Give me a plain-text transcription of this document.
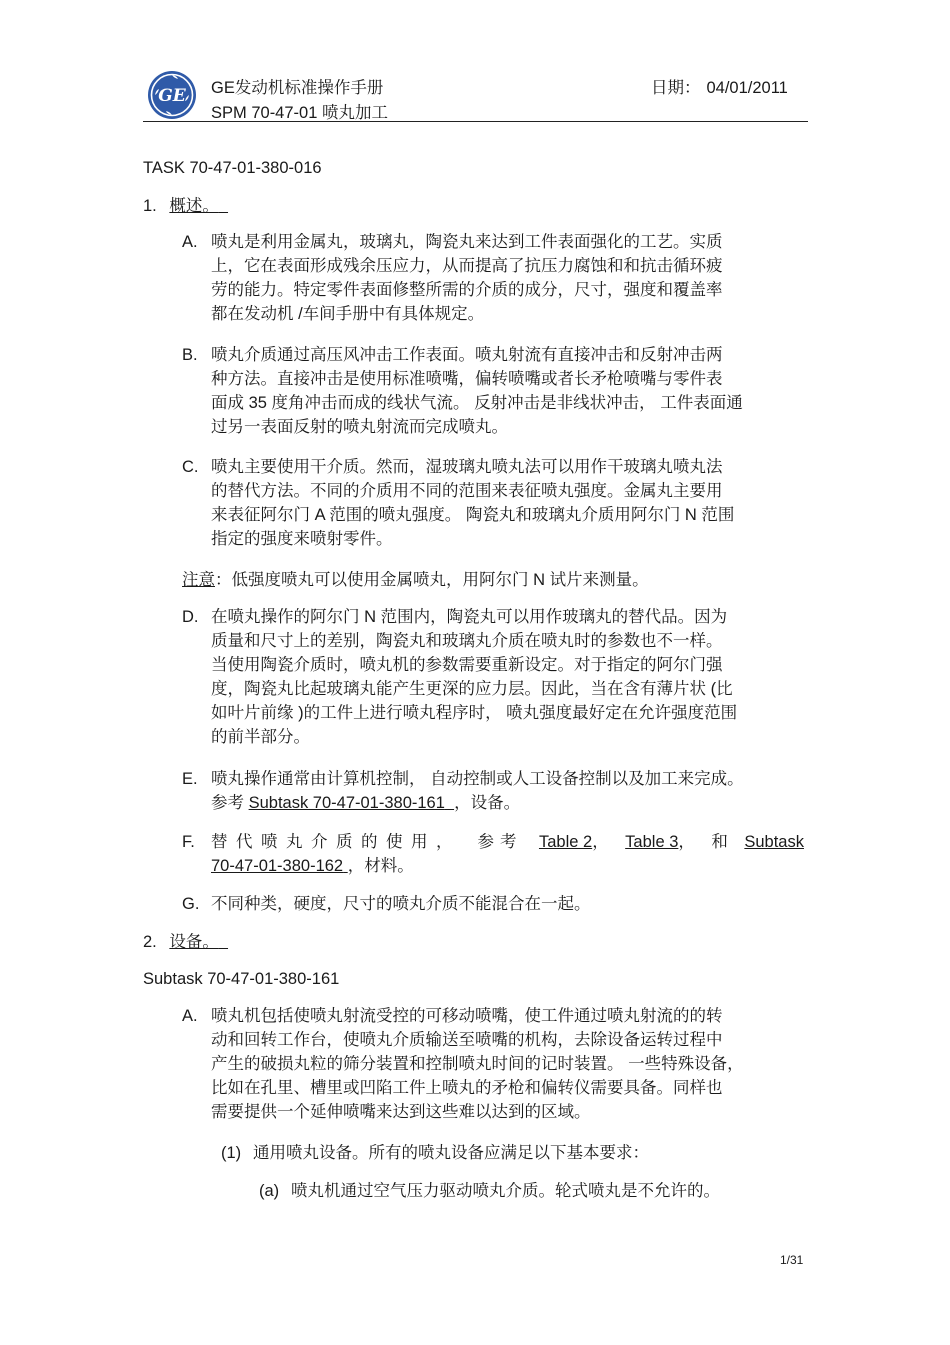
GE GE发动机标准操作手册
SPM 70-47-01 喷丸加工
日期： 04/01/2011
TASK 70-47-01-380-016
1. 概述。
A. 喷丸是利用金属丸，玻璃丸，陶瓷丸来达到工件表面强化的工艺。实质
上，它在表面形成残余压应力，从而提高了抗压力腐蚀和和抗击循环疲
劳的能力。特定零件表面修整所需的介质的成分，尺寸，强度和覆盖率
都在发动机 /车间手册中有具体规定。
B. 喷丸介质通过高压风冲击工作表面。喷丸射流有直接冲击和反射冲击两
种方法。直接冲击是使用标准喷嘴，偏转喷嘴或者长矛枪喷嘴与零件表
面成 35 度角冲击而成的线状气流。 反射冲击是非线状冲击， 工件表面通
过另一表面反射的喷丸射流而完成喷丸。
C. 喷丸主要使用干介质。然而，湿玻璃丸喷丸法可以用作干玻璃丸喷丸法
的替代方法。不同的介质用不同的范围来表征喷丸强度。金属丸主要用
来表征阿尔门 A 范围的喷丸强度。 陶瓷丸和玻璃丸介质用阿尔门 N 范围
指定的强度来喷射零件。
注意：低强度喷丸可以使用金属喷丸，用阿尔门 N 试片来测量。
D. 在喷丸操作的阿尔门 N 范围内，陶瓷丸可以用作玻璃丸的替代品。因为
质量和尺寸上的差别，陶瓷丸和玻璃丸介质在喷丸时的参数也不一样。
当使用陶瓷介质时，喷丸机的参数需要重新设定。对于指定的阿尔门强
度，陶瓷丸比起玻璃丸能产生更深的应力层。因此，当在含有薄片状 (比
如叶片前缘 )的工件上进行喷丸程序时， 喷丸强度最好定在允许强度范围
的前半部分。
E. 喷丸操作通常由计算机控制， 自动控制或人工设备控制以及加工来完成。
参考 Subtask 70-47-01-380-161 ，设备。
F. 替代喷丸介质的使用， 参考 Table 2， Table 3， 和 Subtask
70-47-01-380-162 ，材料。
G. 不同种类，硬度，尺寸的喷丸介质不能混合在一起。
2. 设备。
Subtask 70-47-01-380-161
A. 喷丸机包括使喷丸射流受控的可移动喷嘴，使工件通过喷丸射流的的转
动和回转工作台，使喷丸介质输送至喷嘴的机构，去除设备运转过程中
产生的破损丸粒的筛分装置和控制喷丸时间的记时装置。 一些特殊设备，
比如在孔里、槽里或凹陷工件上喷丸的矛枪和偏转仪需要具备。同样也
需要提供一个延伸喷嘴来达到这些难以达到的区域。
(1) 通用喷丸设备。所有的喷丸设备应满足以下基本要求：
(a) 喷丸机通过空气压力驱动喷丸介质。轮式喷丸是不允许的。
1/31
